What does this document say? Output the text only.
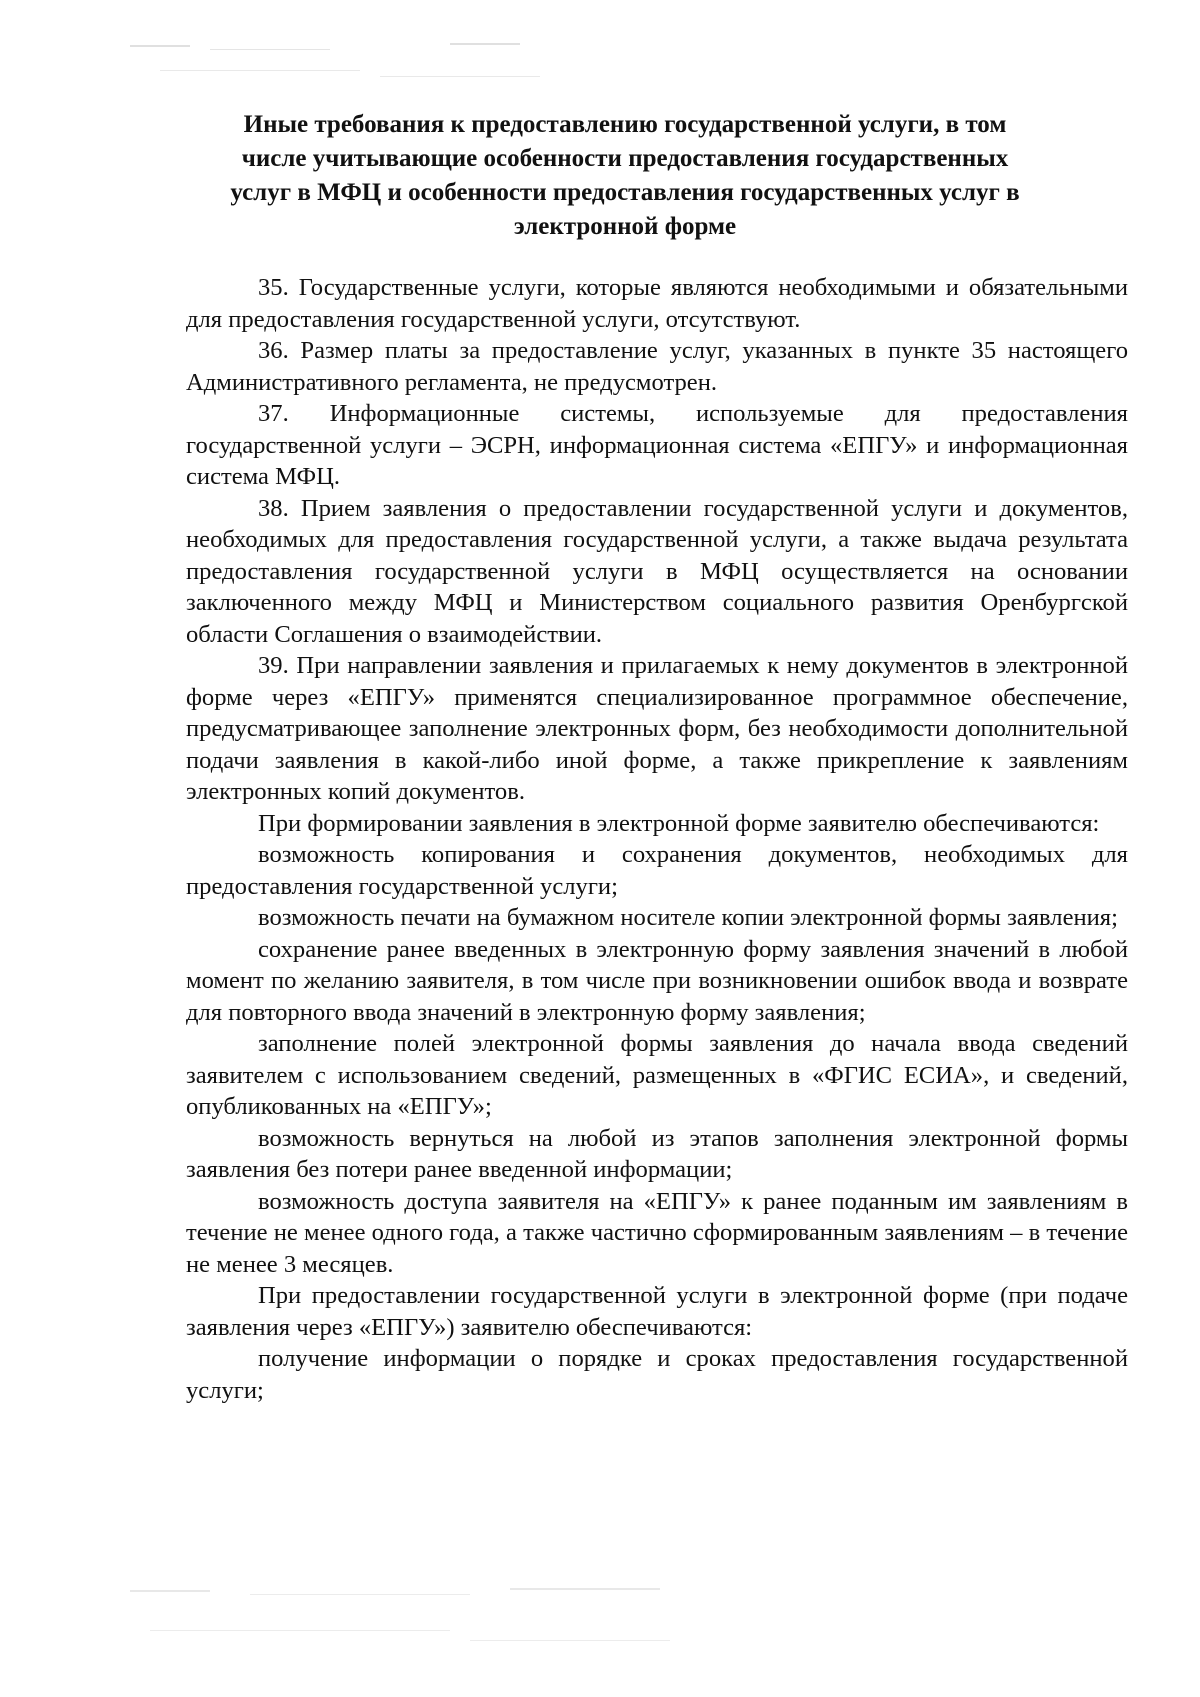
Иные требования к предоставлению государственной услуги, в том
числе учитывающие особенности предоставления государственных
услуг в МФЦ и особенности предоставления государственных услуг в
электронной форме

35. Государственные услуги, которые являются необходимыми и обязательными для предоставления государственной услуги, отсутствуют.

36. Размер платы за предоставление услуг, указанных в пункте 35 настоящего Административного регламента, не предусмотрен.

37. Информационные системы, используемые для предоставления государственной услуги – ЭСРН, информационная система «ЕПГУ» и информационная система МФЦ.

38. Прием заявления о предоставлении государственной услуги и документов, необходимых для предоставления государственной услуги, а также выдача результата предоставления государственной услуги в МФЦ осуществляется на основании заключенного между МФЦ и Министерством социального развития Оренбургской области Соглашения о взаимодействии.

39. При направлении заявления и прилагаемых к нему документов в электронной форме через «ЕПГУ» применятся специализированное программное обеспечение, предусматривающее заполнение электронных форм, без необходимости дополнительной подачи заявления в какой-либо иной форме, а также прикрепление к заявлениям электронных копий документов.

При формировании заявления в электронной форме заявителю обеспечиваются:

возможность копирования и сохранения документов, необходимых для предоставления государственной услуги;

возможность печати на бумажном носителе копии электронной формы заявления;

сохранение ранее введенных в электронную форму заявления значений в любой момент по желанию заявителя, в том числе при возникновении ошибок ввода и возврате для повторного ввода значений в электронную форму заявления;

заполнение полей электронной формы заявления до начала ввода сведений заявителем с использованием сведений, размещенных в «ФГИС ЕСИА», и сведений, опубликованных на «ЕПГУ»;

возможность вернуться на любой из этапов заполнения электронной формы заявления без потери ранее введенной информации;

возможность доступа заявителя на «ЕПГУ» к ранее поданным им заявлениям в течение не менее одного года, а также частично сформированным заявлениям – в течение не менее 3 месяцев.

При предоставлении государственной услуги в электронной форме (при подаче заявления через «ЕПГУ») заявителю обеспечиваются:

получение информации о порядке и сроках предоставления государственной услуги;
